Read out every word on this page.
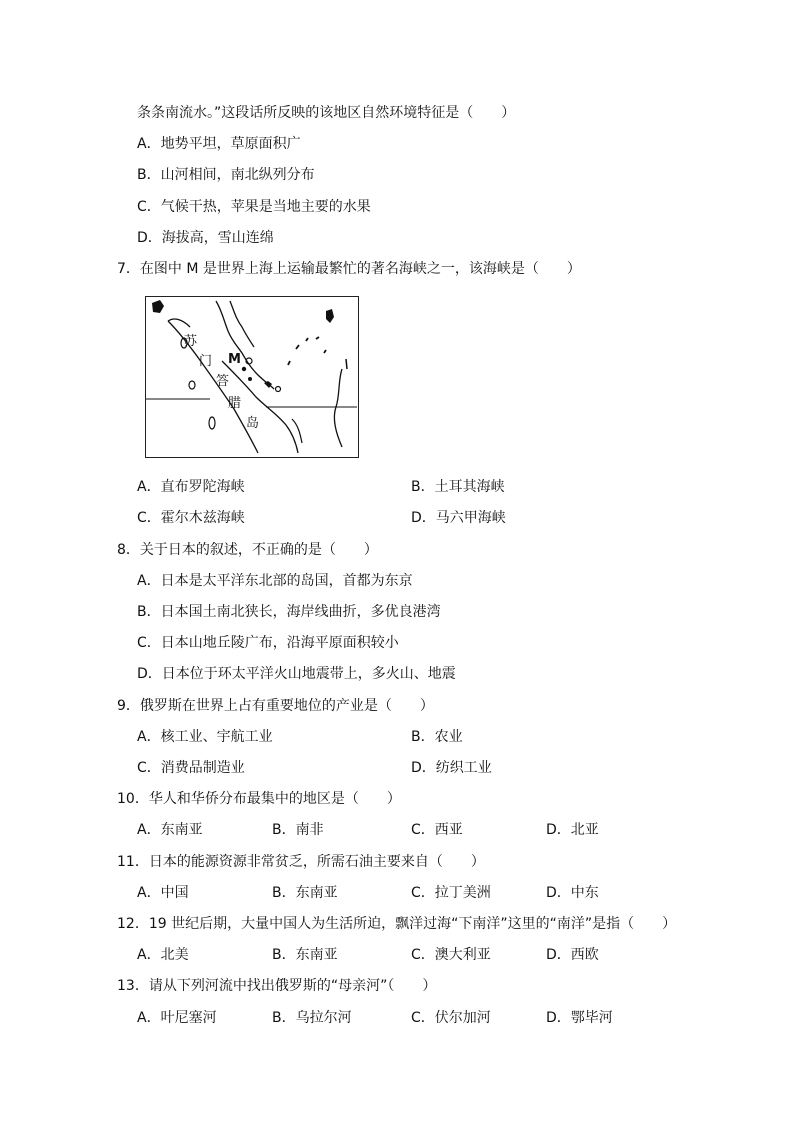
条条南流水。”这段话所反映的该地区自然环境特征是（　　）
A．地势平坦，草原面积广
B．山河相间，南北纵列分布
C．气候干热，苹果是当地主要的水果
D．海拔高，雪山连绵
7．在图中 M 是世界上海上运输最繁忙的著名海峡之一，该海峡是（　　）
苏
门
答
腊
岛
M
A．直布罗陀海峡	B．土耳其海峡
C．霍尔木兹海峡	D．马六甲海峡
8．关于日本的叙述，不正确的是（　　）
A．日本是太平洋东北部的岛国，首都为东京
B．日本国土南北狭长，海岸线曲折，多优良港湾
C．日本山地丘陵广布，沿海平原面积较小
D．日本位于环太平洋火山地震带上，多火山、地震
9．俄罗斯在世界上占有重要地位的产业是（　　）
A．核工业、宇航工业	B．农业
C．消费品制造业	D．纺织工业
10．华人和华侨分布最集中的地区是（　　）
A．东南亚	B．南非	C．西亚	D．北亚
11．日本的能源资源非常贫乏，所需石油主要来自（　　）
A．中国	B．东南亚	C．拉丁美洲	D．中东
12．19 世纪后期，大量中国人为生活所迫，飘洋过海“下南洋”这里的“南洋”是指（　　）
A．北美	B．东南亚	C．澳大利亚	D．西欧
13．请从下列河流中找出俄罗斯的“母亲河”（　　）
A．叶尼塞河	B．乌拉尔河	C．伏尔加河	D．鄂毕河
